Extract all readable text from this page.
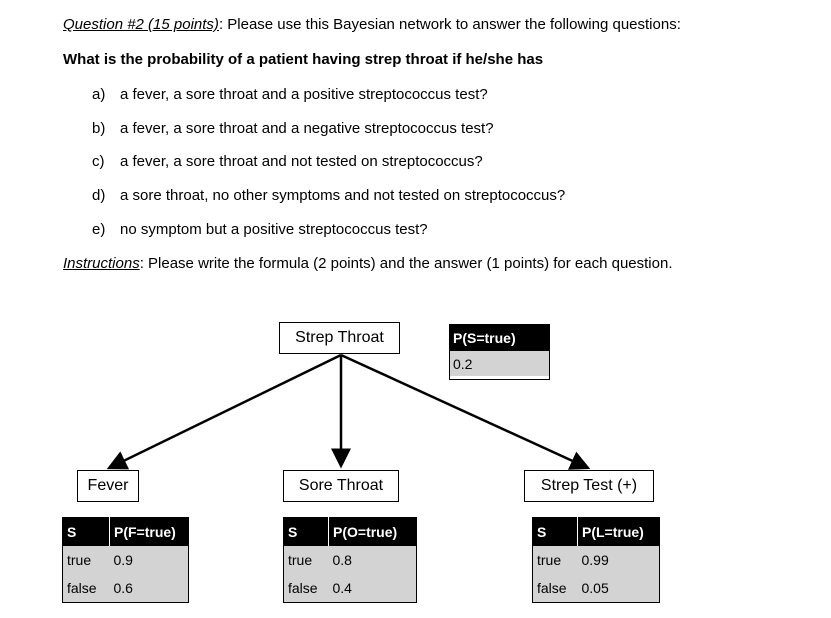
Question #2 (15 points): Please use this Bayesian network to answer the following questions:
What is the probability of a patient having strep throat if he/she has
a) a fever, a sore throat and a positive streptococcus test?
b) a fever, a sore throat and a negative streptococcus test?
c) a fever, a sore throat and not tested on streptococcus?
d) a sore throat, no other symptoms and not tested on streptococcus?
e) no symptom but a positive streptococcus test?
Instructions: Please write the formula (2 points) and the answer (1 points) for each question.
Strep Throat
Fever	Sore Throat	Strep Test (+)
P(S=true)
0.2
S	P(F=true)
true	0.9
false	0.6
S	P(O=true)
true	0.8
false	0.4
S	P(L=true)
true	0.99
false	0.05
